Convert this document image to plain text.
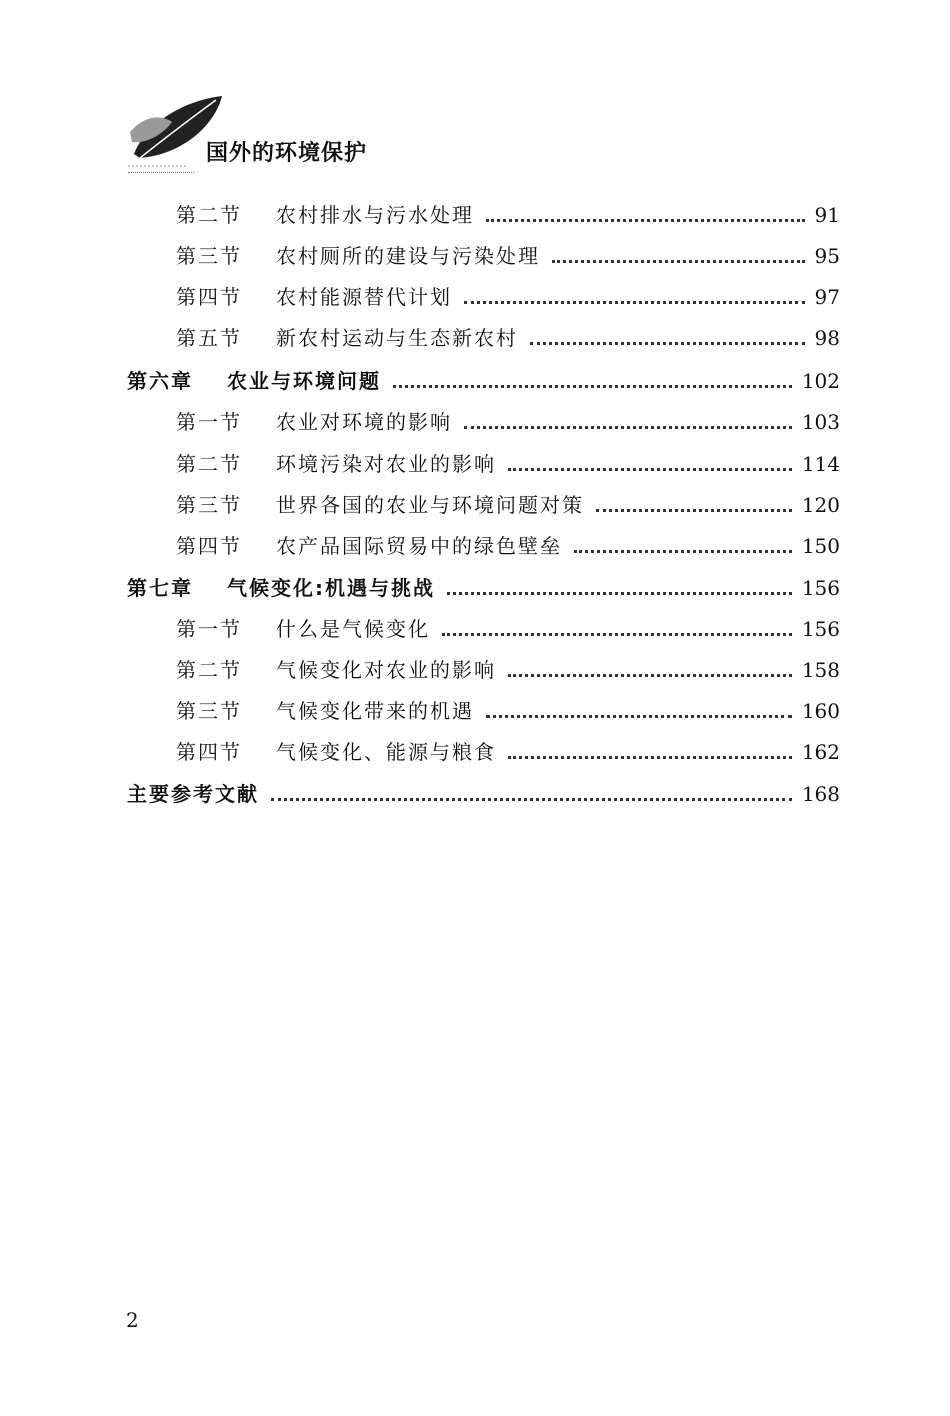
国外的环境保护
第二节	农村排水与污水处理	91
第三节	农村厕所的建设与污染处理	95
第四节	农村能源替代计划	97
第五节	新农村运动与生态新农村	98
第六章	农业与环境问题	102
第一节	农业对环境的影响	103
第二节	环境污染对农业的影响	114
第三节	世界各国的农业与环境问题对策	120
第四节	农产品国际贸易中的绿色壁垒	150
第七章	气候变化:机遇与挑战	156
第一节	什么是气候变化	156
第二节	气候变化对农业的影响	158
第三节	气候变化带来的机遇	160
第四节	气候变化、能源与粮食	162
主要参考文献	168
2
